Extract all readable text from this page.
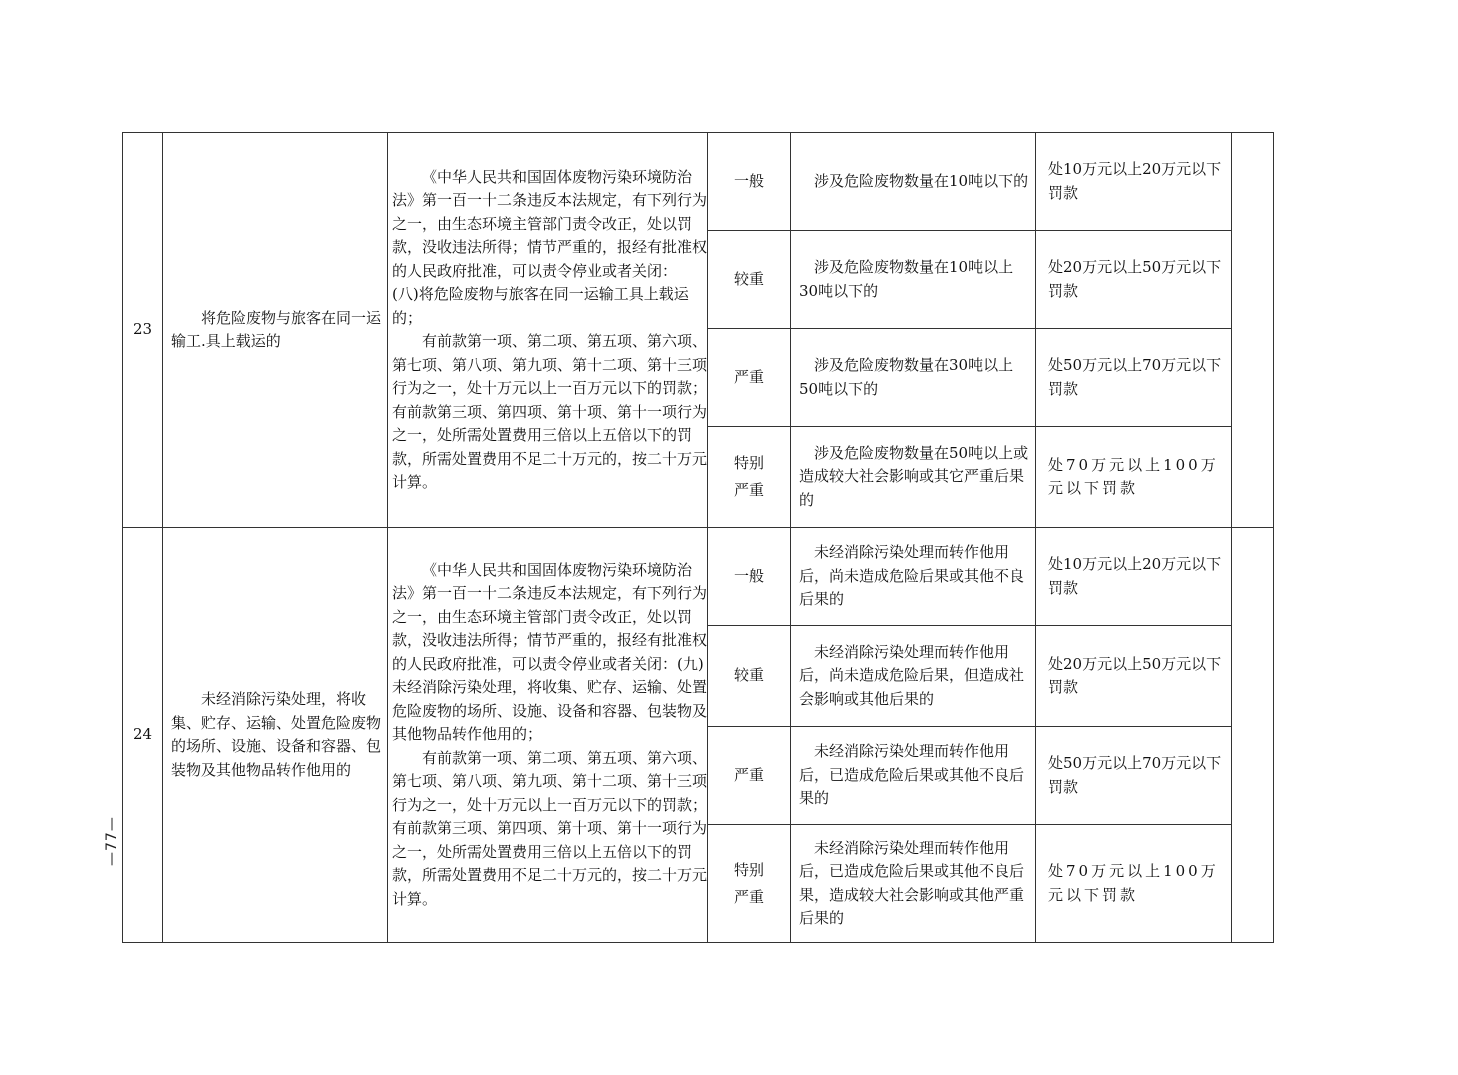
23	将危险废物与旅客在同一运输工.具上载运的	《中华人民共和国固体废物污染环境防治法》第一百一十二条违反本法规定，有下列行为之一，由生态环境主管部门责令改正，处以罚款，没收违法所得；情节严重的，报经有批准权的人民政府批准，可以责令停业或者关闭：

(八)将危险废物与旅客在同一运输工具上载运的；

有前款第一项、第二项、第五项、第六项、第七项、第八项、第九项、第十二项、第十三项行为之一，处十万元以上一百万元以下的罚款；有前款第三项、第四项、第十项、第十一项行为之一，处所需处置费用三倍以上五倍以下的罚款，所需处置费用不足二十万元的，按二十万元计算。	一般	涉及危险废物数量在10吨以下的	处10万元以上20万元以下罚款	
			较重	涉及危险废物数量在10吨以上30吨以下的	处20万元以上50万元以下罚款	
			严重	涉及危险废物数量在30吨以上50吨以下的	处50万元以上70万元以下罚款	

			特别严重	涉及危险废物数量在50吨以上或造成较大社会影响或其它严重后果的	处70万元以上100万元以下罚款	
24	未经消除污染处理，将收集、贮存、运输、处置危险废物的场所、设施、设备和容器、包装物及其他物品转作他用的	《中华人民共和国固体废物污染环境防治法》第一百一十二条违反本法规定，有下列行为之一，由生态环境主管部门责令改正，处以罚款，没收违法所得；情节严重的，报经有批准权的人民政府批准，可以责令停业或者关闭：(九)未经消除污染处理，将收集、贮存、运输、处置危险废物的场所、设施、设备和容器、包装物及其他物品转作他用的；

有前款第一项、第二项、第五项、第六项、第七项、第八项、第九项、第十二项、第十三项行为之一，处十万元以上一百万元以下的罚款；有前款第三项、第四项、第十项、第十一项行为之一，处所需处置费用三倍以上五倍以下的罚款，所需处置费用不足二十万元的，按二十万元计算。	一般	未经消除污染处理而转作他用后，尚未造成危险后果或其他不良后果的	处10万元以上20万元以下罚款	
			较重	未经消除污染处理而转作他用后，尚未造成危险后果，但造成社会影响或其他后果的	处20万元以上50万元以下罚款	
			严重	未经消除污染处理而转作他用后，已造成危险后果或其他不良后果的	处50万元以上70万元以下罚款	

			特别严重	未经消除污染处理而转作他用后，已造成危险后果或其他不良后果，造成较大社会影响或其他严重后果的	处70万元以上100万元以下罚款	
—77—
